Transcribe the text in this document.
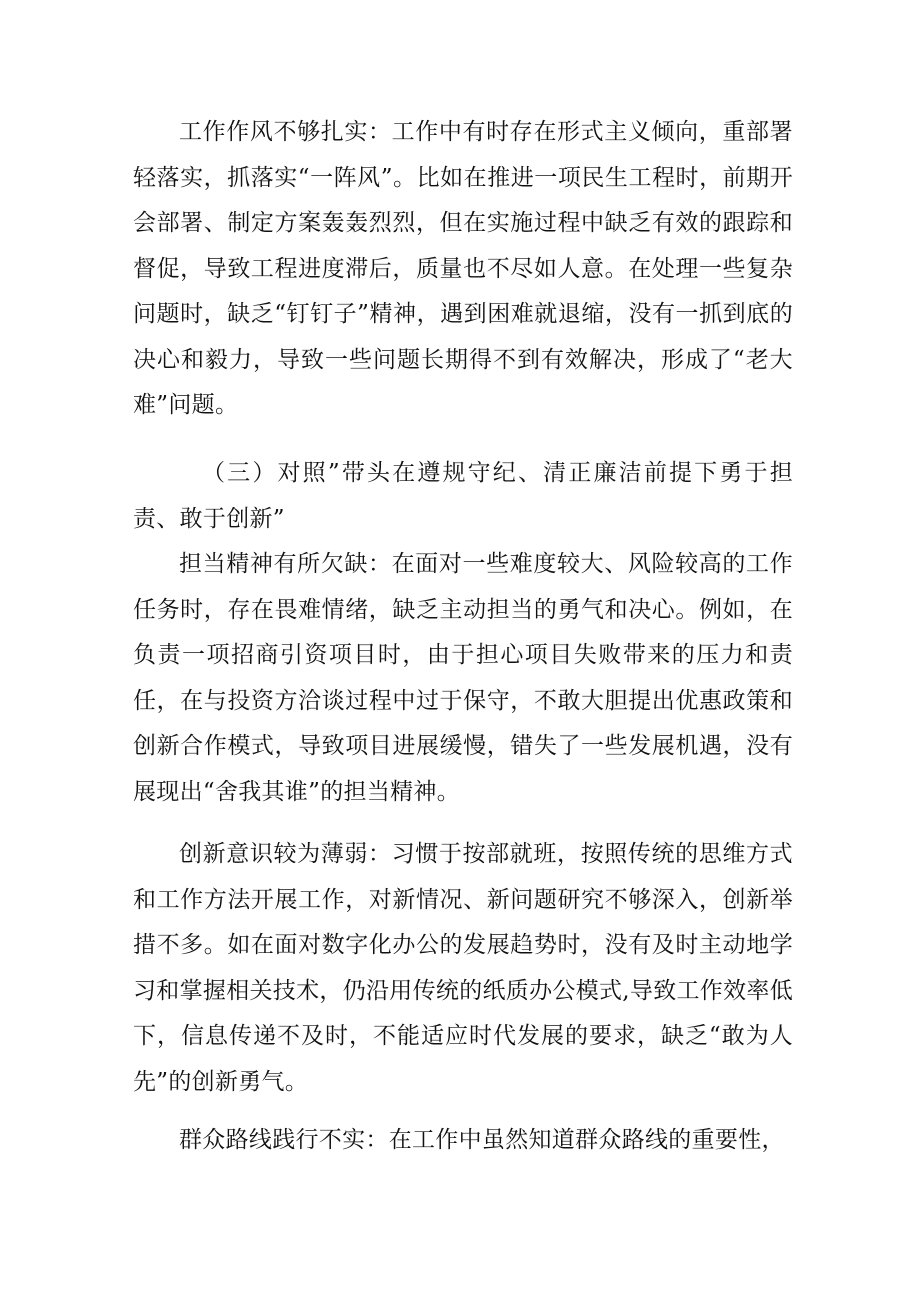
工作作风不够扎实：工作中有时存在形式主义倾向，重部署轻落实，抓落实“一阵风”。比如在推进一项民生工程时，前期开会部署、制定方案轰轰烈烈，但在实施过程中缺乏有效的跟踪和督促，导致工程进度滞后，质量也不尽如人意。在处理一些复杂问题时，缺乏“钉钉子”精神，遇到困难就退缩，没有一抓到底的决心和毅力，导致一些问题长期得不到有效解决，形成了“老大难”问题。

（三）对照”带头在遵规守纪、清正廉洁前提下勇于担责、敢于创新”

担当精神有所欠缺：在面对一些难度较大、风险较高的工作任务时，存在畏难情绪，缺乏主动担当的勇气和决心。例如，在负责一项招商引资项目时，由于担心项目失败带来的压力和责任，在与投资方洽谈过程中过于保守，不敢大胆提出优惠政策和创新合作模式，导致项目进展缓慢，错失了一些发展机遇，没有展现出“舍我其谁”的担当精神。

创新意识较为薄弱：习惯于按部就班，按照传统的思维方式和工作方法开展工作，对新情况、新问题研究不够深入，创新举措不多。如在面对数字化办公的发展趋势时，没有及时主动地学习和掌握相关技术，仍沿用传统的纸质办公模式,导致工作效率低下，信息传递不及时，不能适应时代发展的要求，缺乏“敢为人先”的创新勇气。

群众路线践行不实：在工作中虽然知道群众路线的重要性，
